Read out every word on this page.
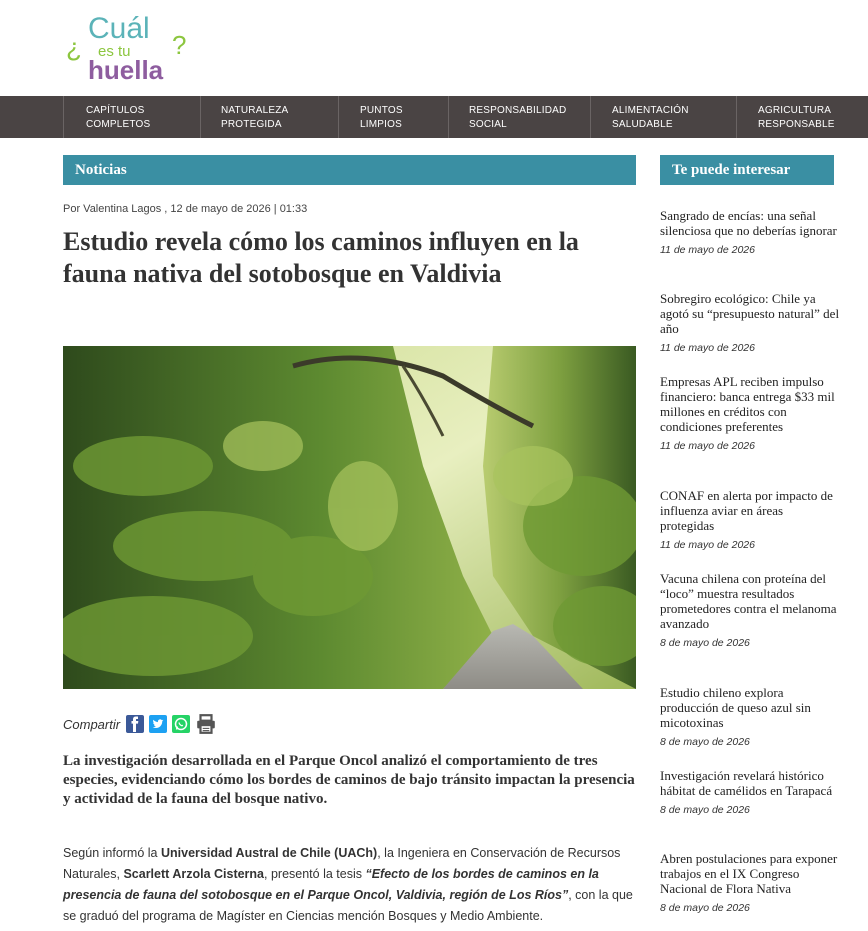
¿
Cuál
es tu
huella
?
CAPÍTULOS
COMPLETOS
NATURALEZA
PROTEGIDA
PUNTOS
LIMPIOS
RESPONSABILIDAD
SOCIAL
ALIMENTACIÓN
SALUDABLE
AGRICULTURA
RESPONSABLE
Noticias
Por Valentina Lagos , 12 de mayo de 2026 | 01:33
Estudio revela cómo los caminos influyen en la fauna nativa del sotobosque en Valdivia
Compartir

La investigación desarrollada en el Parque Oncol analizó el comportamiento de tres especies, evidenciando cómo los bordes de caminos de bajo tránsito impactan la presencia y actividad de la fauna del bosque nativo.

Según informó la Universidad Austral de Chile (UACh), la Ingeniera en Conservación de Recursos Naturales, Scarlett Arzola Cisterna, presentó la tesis “Efecto de los bordes de caminos en la presencia de fauna del sotobosque en el Parque Oncol, Valdivia, región de Los Ríos”, con la que se graduó del programa de Magíster en Ciencias mención Bosques y Medio Ambiente.

Te puede interesar
Sangrado de encías: una señal silenciosa que no deberías ignorar
11 de mayo de 2026
Sobregiro ecológico: Chile ya agotó su “presupuesto natural” del año
11 de mayo de 2026
Empresas APL reciben impulso financiero: banca entrega $33 mil millones en créditos con condiciones preferentes
11 de mayo de 2026
CONAF en alerta por impacto de influenza aviar en áreas protegidas
11 de mayo de 2026
Vacuna chilena con proteína del “loco” muestra resultados prometedores contra el melanoma avanzado
8 de mayo de 2026
Estudio chileno explora producción de queso azul sin micotoxinas
8 de mayo de 2026
Investigación revelará histórico hábitat de camélidos en Tarapacá
8 de mayo de 2026
Abren postulaciones para exponer trabajos en el IX Congreso Nacional de Flora Nativa
8 de mayo de 2026
